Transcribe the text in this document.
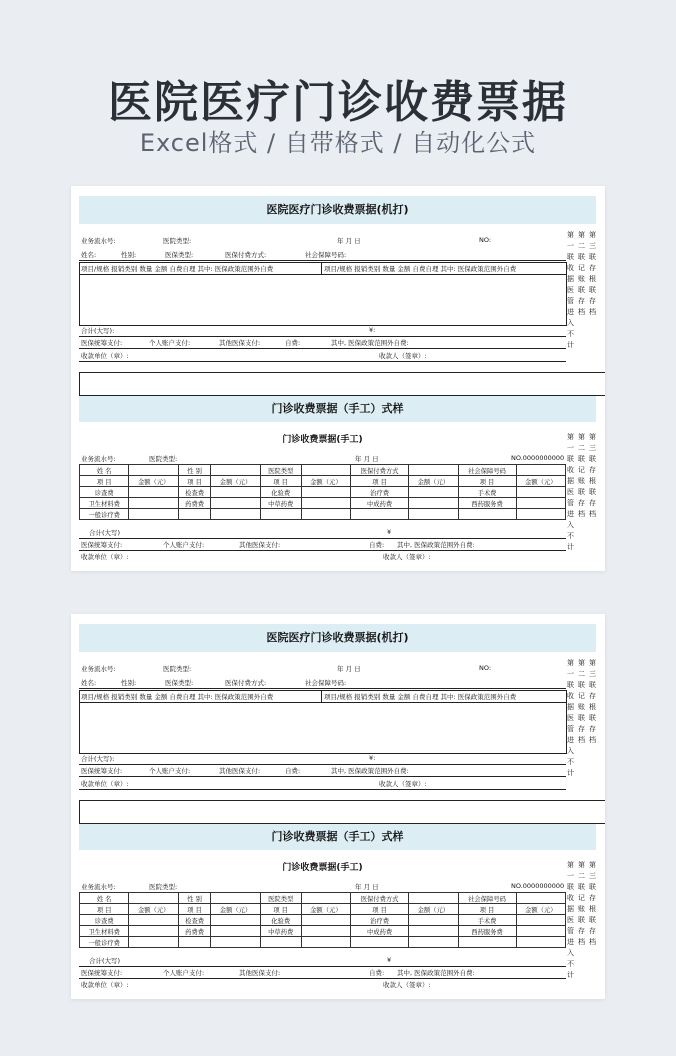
医院医疗门诊收费票据
Excel格式 / 自带格式 / 自动化公式
医院医疗门诊收费票据(机打)
业务流水号:	医院类型:	年 月 日	NO:
姓名:	性别:	医保类型:	医保付费方式:	社会保障号码:
项目/规格 报销类别 数量 金额 自费自理 其中: 医保政策范围外自费	项目/规格 报销类别 数量 金额 自费自理 其中: 医保政策范围外自费
合计(大写):	¥:
医保统筹支付:	个人账户支付:	其他医保支付:	自费:	其中, 医保政策范围外自费:
收款单位（章）:	收款人（签章）:
第一联收据 医 管 进 入 不 计
第二联记账 联 存 档
第三联存根 联 存 档
门诊收费票据（手工）式样
门诊收费票据(手工)
业务流水号:	医院类型:	年 月 日	NO.0000000000
姓 名		性 别		医院类型		医保付费方式		社会保障号码	
项 目	金额（元）	项 目	金额（元）	项 目	金额（元）	项 目	金额（元）	项 目	金额（元）
诊查费		检查费		化验费		治疗费		手术费	
卫生材料费		药费费		中草药费		中成药费		西药服务费	
一般诊疗费									
合计(大写)	¥
医保统筹支付:	个人账户支付:	其他医保支付:	自费: 其中, 医保政策范围外自费:
收款单位（章）:	收款人（签章）:
第一联收据 医 管 进 入 不 计
第二联记账 联 存 档
第三联存根 联 存 档
医院医疗门诊收费票据(机打)
业务流水号:	医院类型:	年 月 日	NO:
姓名:	性别:	医保类型:	医保付费方式:	社会保障号码:
项目/规格 报销类别 数量 金额 自费自理 其中: 医保政策范围外自费	项目/规格 报销类别 数量 金额 自费自理 其中: 医保政策范围外自费
合计(大写):	¥:
医保统筹支付:	个人账户支付:	其他医保支付:	自费:	其中, 医保政策范围外自费:
收款单位（章）:	收款人（签章）:
第一联收据 医 管 进 入 不 计
第二联记账 联 存 档
第三联存根 联 存 档
门诊收费票据（手工）式样
门诊收费票据(手工)
业务流水号:	医院类型:	年 月 日	NO.0000000000
姓 名		性 别		医院类型		医保付费方式		社会保障号码	
项 目	金额（元）	项 目	金额（元）	项 目	金额（元）	项 目	金额（元）	项 目	金额（元）
诊查费		检查费		化验费		治疗费		手术费	
卫生材料费		药费费		中草药费		中成药费		西药服务费	
一般诊疗费									
合计(大写)	¥
医保统筹支付:	个人账户支付:	其他医保支付:	自费: 其中, 医保政策范围外自费:
收款单位（章）:	收款人（签章）:
第一联收据 医 管 进 入 不 计
第二联记账 联 存 档
第三联存根 联 存 档
